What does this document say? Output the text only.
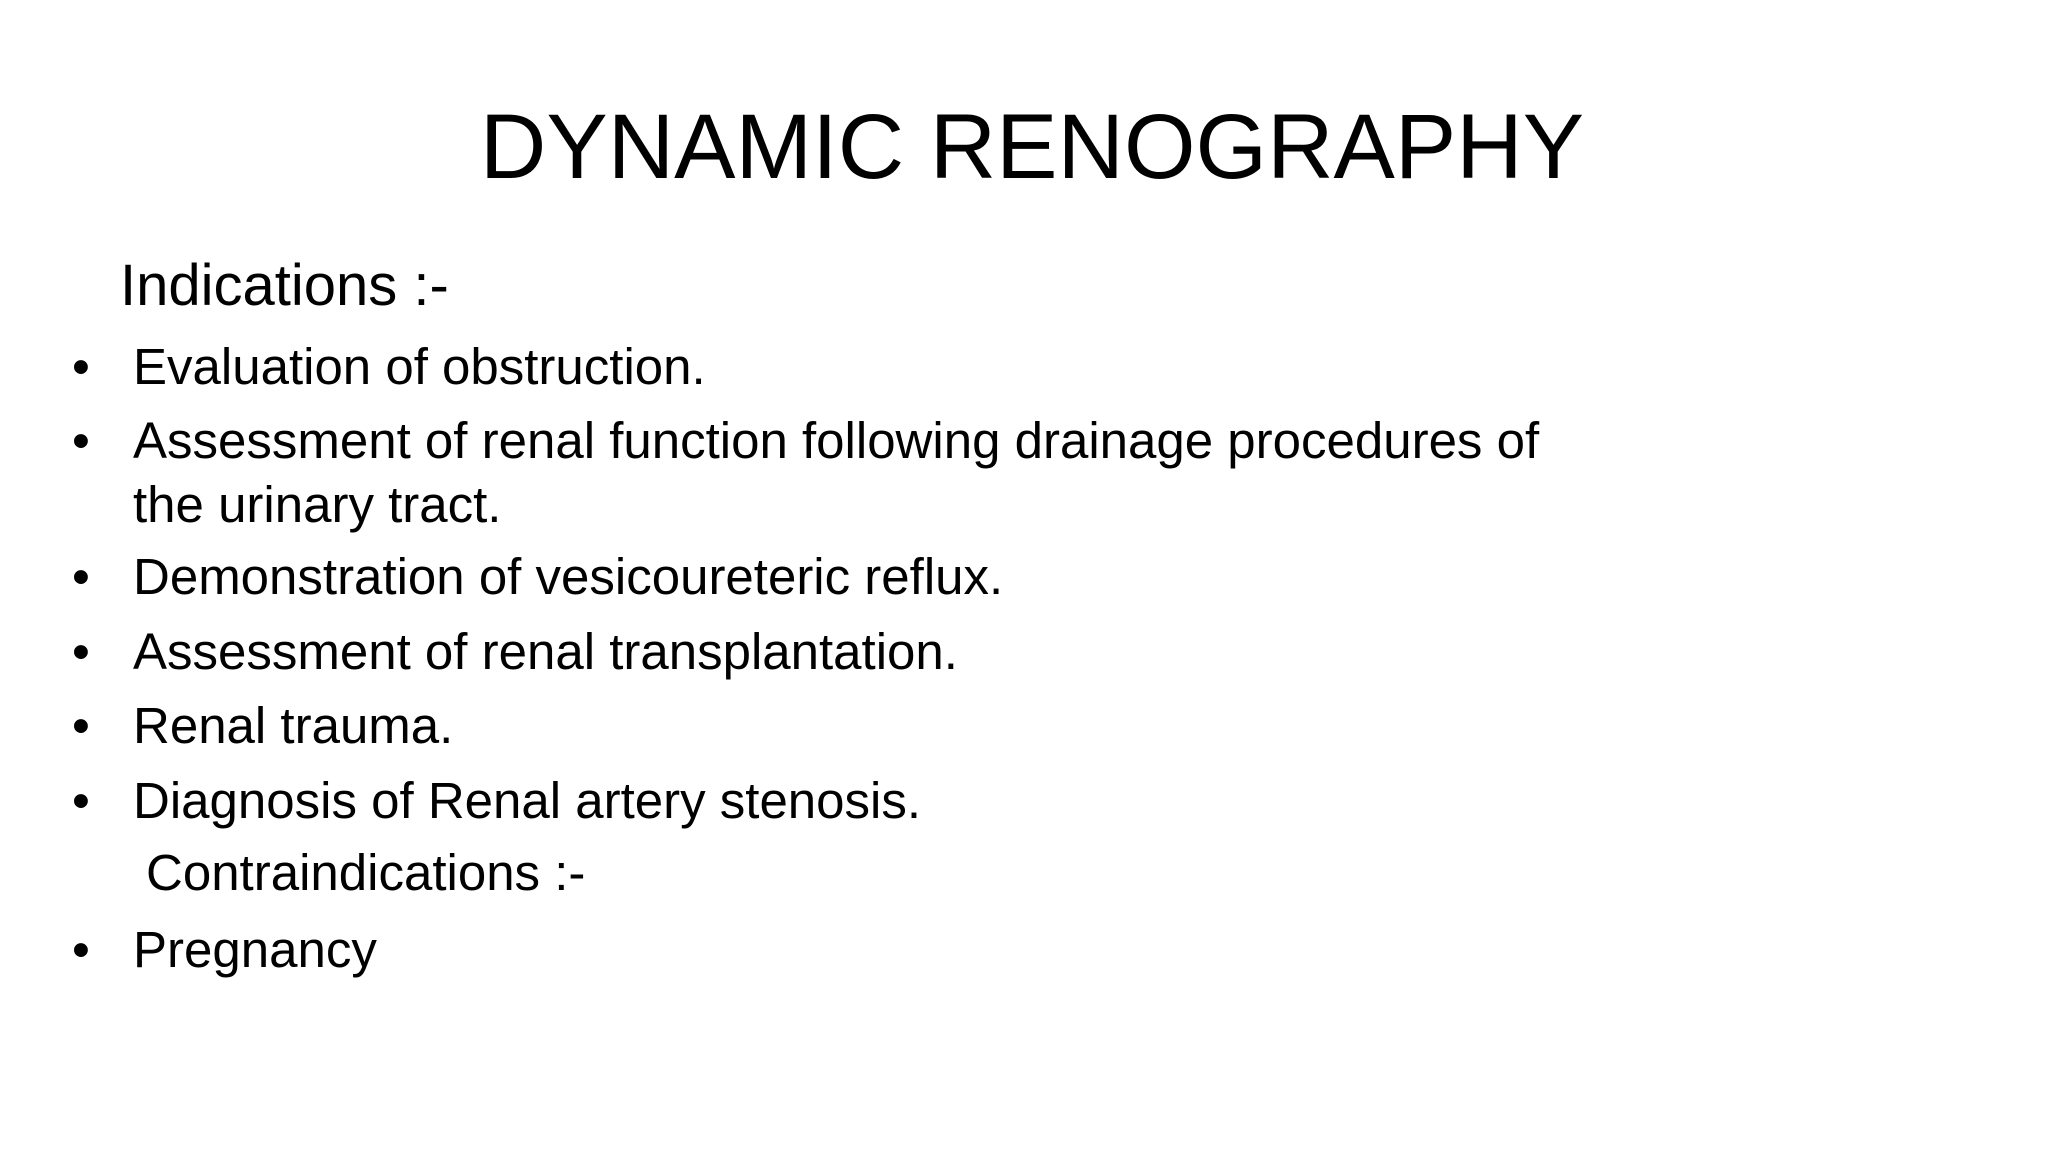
DYNAMIC RENOGRAPHY
Indications :-
• Evaluation of obstruction.
• Assessment of renal function following drainage procedures of the urinary tract.
• Demonstration of vesicoureteric reflux.
• Assessment of renal transplantation.
• Renal trauma.
• Diagnosis of Renal artery stenosis.
Contraindications :-
• Pregnancy
